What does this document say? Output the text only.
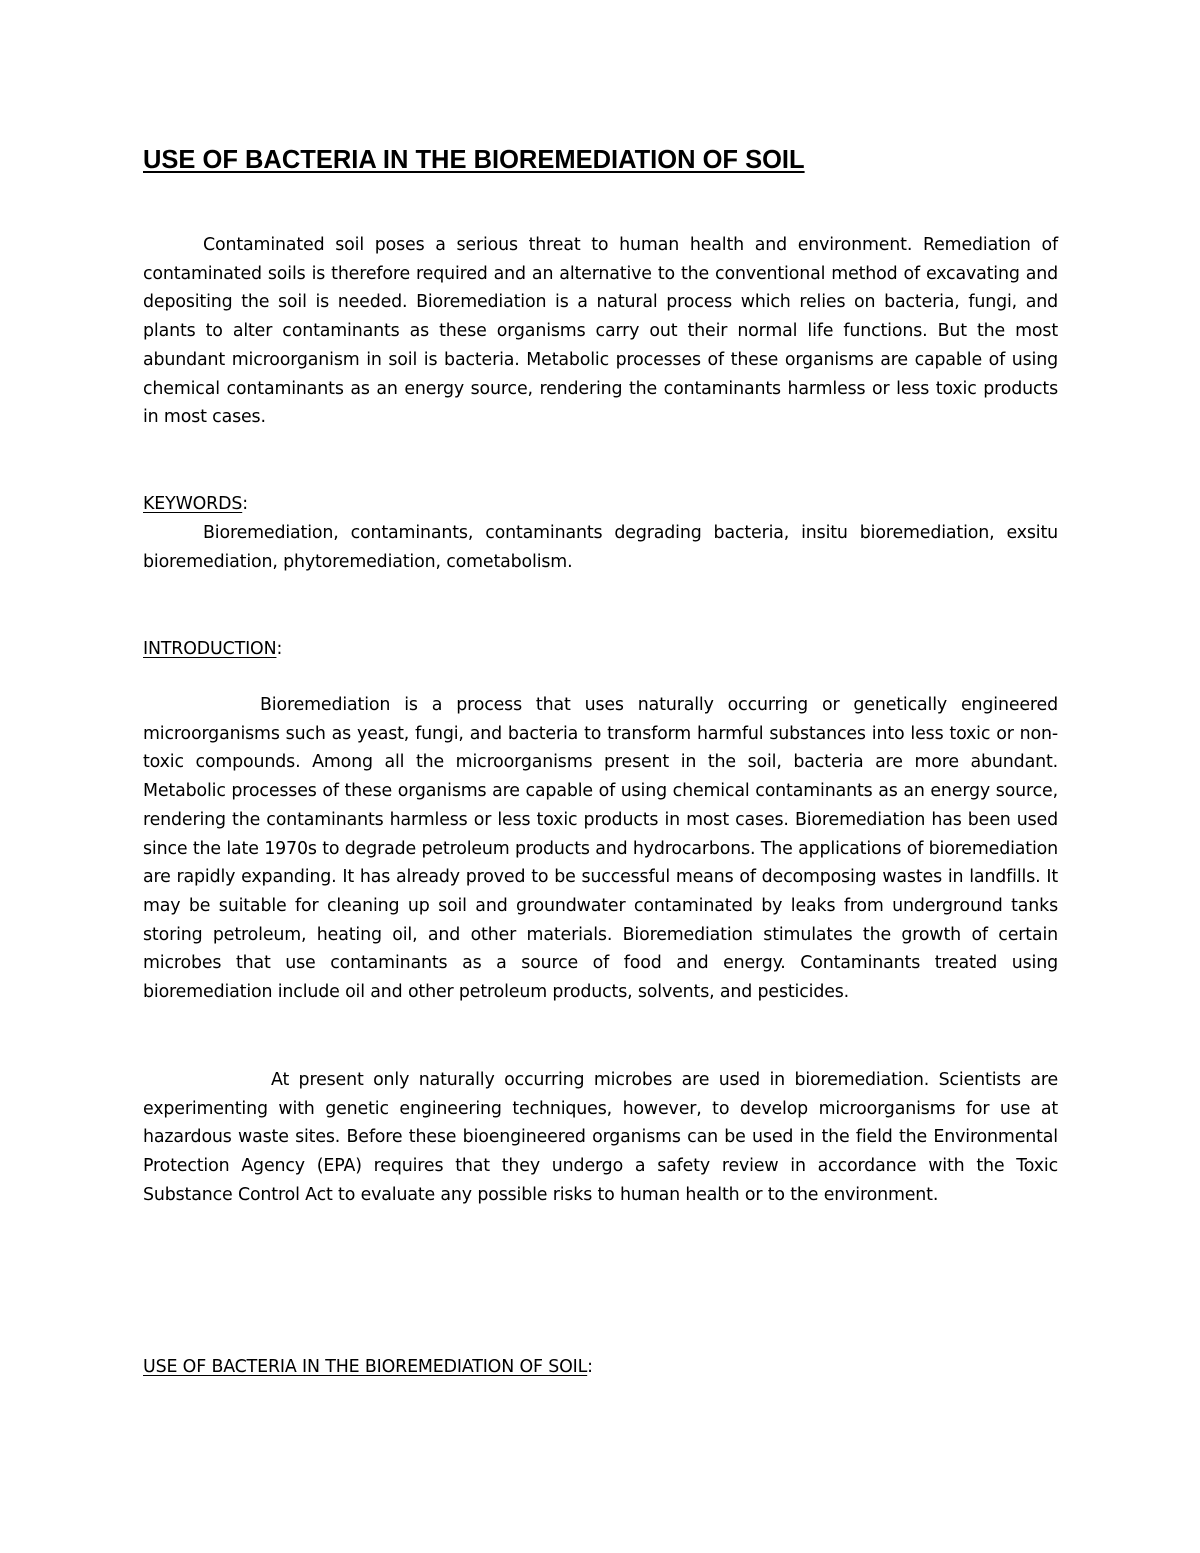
USE OF BACTERIA IN THE BIOREMEDIATION OF SOIL

Contaminated soil poses a serious threat to human health and environment. Remediation of contaminated soils is therefore required and an alternative to the conventional method of excavating and depositing the soil is needed. Bioremediation is a natural process which relies on bacteria, fungi, and plants to alter contaminants as these organisms carry out their normal life functions. But the most abundant microorganism in soil is bacteria. Metabolic processes of these organisms are capable of using chemical contaminants as an energy source, rendering the contaminants harmless or less toxic products in most cases.

KEYWORDS:

Bioremediation, contaminants, contaminants degrading bacteria, insitu bioremediation, exsitu bioremediation, phytoremediation, cometabolism.

INTRODUCTION:

Bioremediation is a process that uses naturally occurring or genetically engineered microorganisms such as yeast, fungi, and bacteria to transform harmful substances into less toxic or non-toxic compounds. Among all the microorganisms present in the soil, bacteria are more abundant. Metabolic processes of these organisms are capable of using chemical contaminants as an energy source, rendering the contaminants harmless or less toxic products in most cases. Bioremediation has been used since the late 1970s to degrade petroleum products and hydrocarbons. The applications of bioremediation are rapidly expanding. It has already proved to be successful means of decomposing wastes in landfills. It may be suitable for cleaning up soil and groundwater contaminated by leaks from underground tanks storing petroleum, heating oil, and other materials. Bioremediation stimulates the growth of certain microbes that use contaminants as a source of food and energy. Contaminants treated using bioremediation include oil and other petroleum products, solvents, and pesticides.

At present only naturally occurring microbes are used in bioremediation. Scientists are experimenting with genetic engineering techniques, however, to develop microorganisms for use at hazardous waste sites. Before these bioengineered organisms can be used in the field the Environmental Protection Agency (EPA) requires that they undergo a safety review in accordance with the Toxic Substance Control Act to evaluate any possible risks to human health or to the environment.

USE OF BACTERIA IN THE BIOREMEDIATION OF SOIL:
